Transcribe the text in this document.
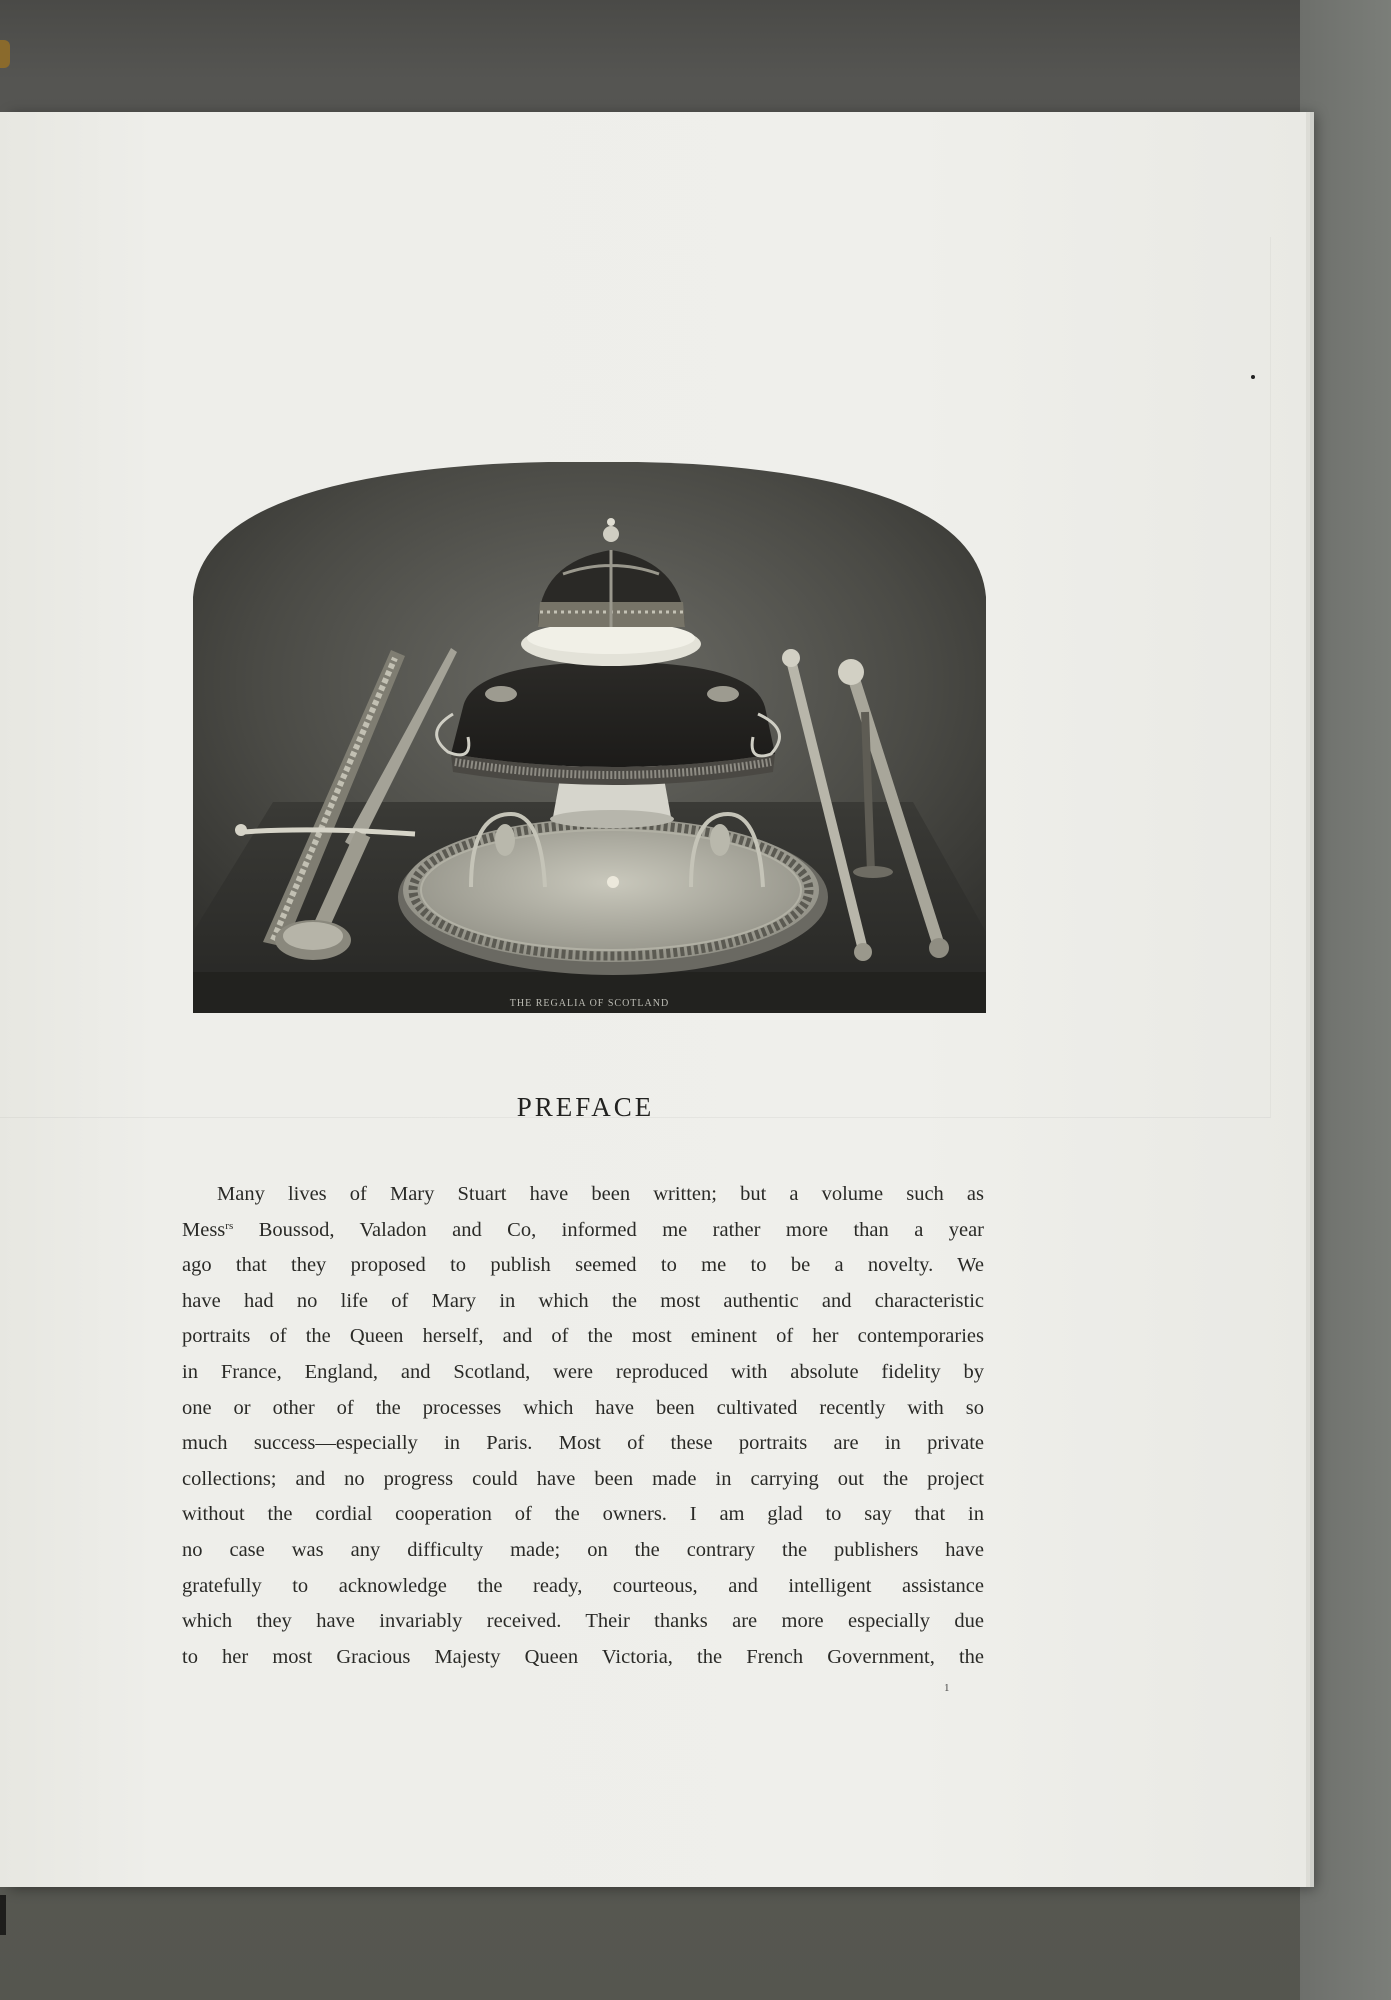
THE REGALIA OF SCOTLAND
PREFACE
Many lives of Mary Stuart have been written; but a volume such as
Mess$^{rs}$ Boussod, Valadon and Co, informed me rather more than a year
ago that they proposed to publish seemed to me to be a novelty. We
have had no life of Mary in which the most authentic and characteristic
portraits of the Queen herself, and of the most eminent of her contemporaries
in France, England, and Scotland, were reproduced with absolute fidelity by
one or other of the processes which have been cultivated recently with so
much success—especially in Paris. Most of these portraits are in private
collections; and no progress could have been made in carrying out the project
without the cordial cooperation of the owners. I am glad to say that in
no case was any difficulty made; on the contrary the publishers have
gratefully to acknowledge the ready, courteous, and intelligent assistance
which they have invariably received. Their thanks are more especially due
to her most Gracious Majesty Queen Victoria, the French Government, the
1
